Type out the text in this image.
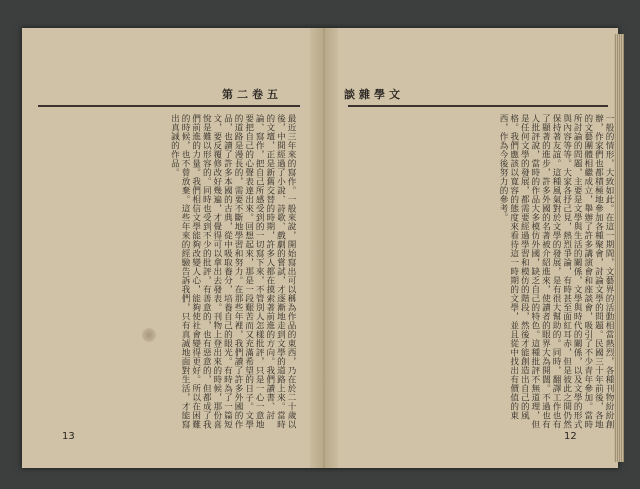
第二卷五
最近三年來的寫作。一般來說，開始寫出可以稱為作品的東西，乃在於二十歲以後，中間經過了小說、詩歌、戲劇的嘗試，才逐漸地走到文學的道路上來。當時的文壇，正是新舊交替的時期，許多人都在摸索著前進的方向。我們讀書、討論、寫作，把自己所感受到的一切寫下來，不管別人怎樣批評，只是一心一意地要把自己的心聲表達出來。回想起來，那是一段艱苦而又充滿希望的日子。文學的道路是漫長的，需要不斷地學習和努力。在那些年裡，我們讀了許多外國的作品，也讀了許多本國的古典，從中吸取養分，培養自己的眼光。有時為了一篇短文，要反覆修改好幾遍，才覺得可以拿出去發表。刊物上登出來的時候，那份喜悅是難以形容的。同時也受到不少的批評，有善意的，也有惡意的，但都成了我們前進的力量。我們相信文學能夠改變人心，能夠使社會變得更好。所以在困難的時候，也不曾放棄。這些年來的經驗告訴我們，只有真誠地面對生活，才能寫出真誠的作品。
13
談雜學文
一般的情形，大致如此。在這一期間，文藝界的活動相當熱烈，各種刊物紛紛創辦，作家們也都積極地參加各種聚會，討論文學的問題。民國三十年前後，各地的文藝團體相繼成立，舉辦了許多講演會和座談會，吸引了不少青年參加。當時所討論的問題，主要是文學與生活的關係，文學與時代的關係，以及文學的形式與內容等等。大家各抒己見，熱烈爭論，有時甚至面紅耳赤，但是彼此之間仍然保持著友誼。這種風氣對於文學的發展，是有很大幫助的。同時，翻譯工作也有了顯著的進步，許多外國的名著被介紹進來，使讀者的眼界大為開闊。不過也有人批評說，當時的作品大多模仿外國，缺乏自己的特色。這種批評不無道理，但是任何文學的發展，都需要經過學習和模仿的階段，然後才能創造出自己的風格。我們應該以寬容的態度來看待這一時期的文學，並且從中找出有價值的東西，作為今後努力的參考。
12
